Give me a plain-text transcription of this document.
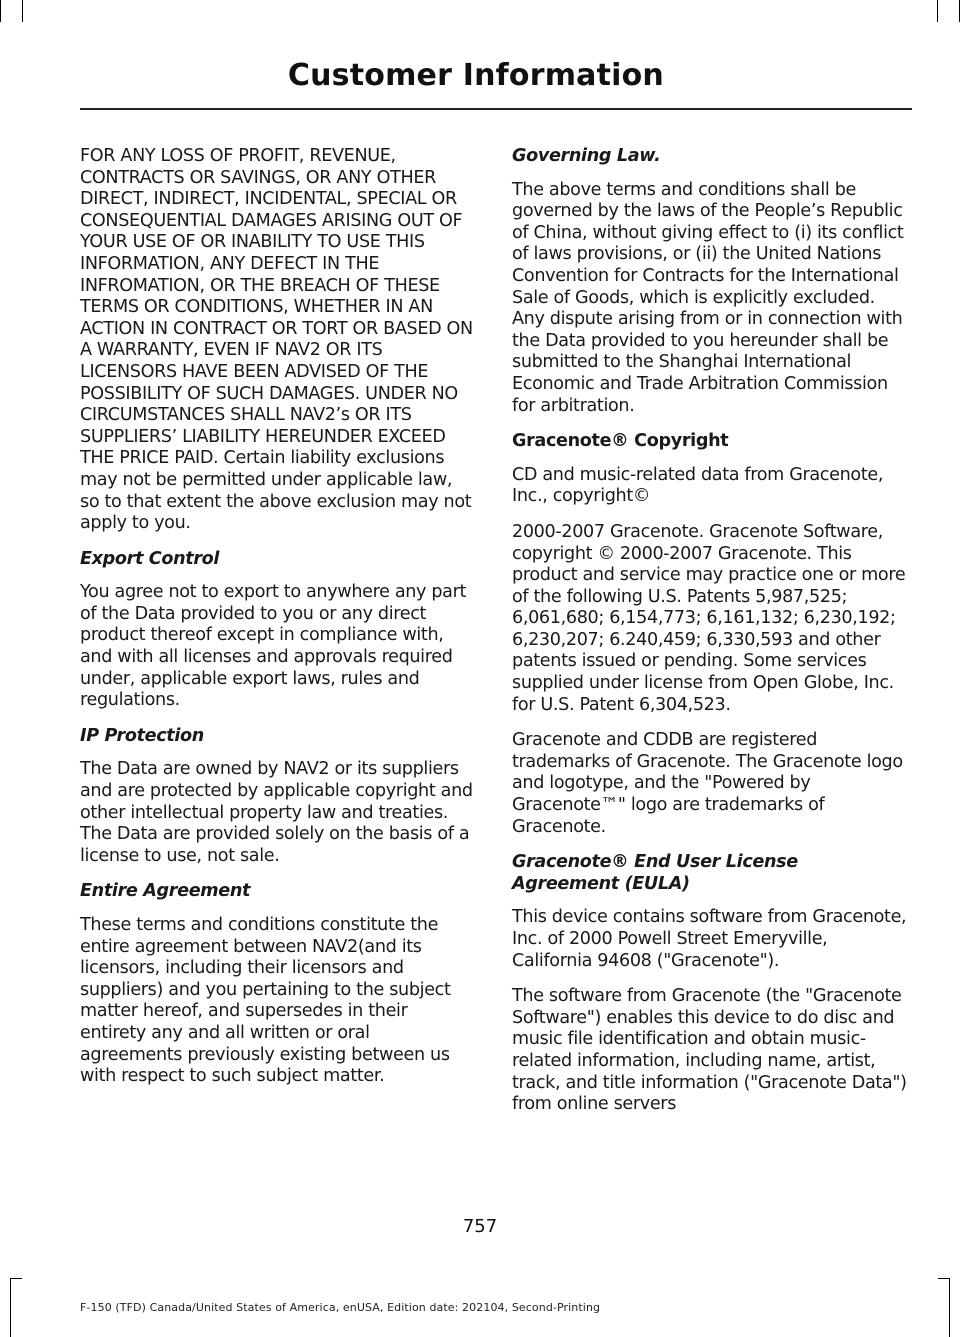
Customer Information

FOR ANY LOSS OF PROFIT, REVENUE, CONTRACTS OR SAVINGS, OR ANY OTHER DIRECT, INDIRECT, INCIDENTAL, SPECIAL OR CONSEQUENTIAL DAMAGES ARISING OUT OF YOUR USE OF OR INABILITY TO USE THIS INFORMATION, ANY DEFECT IN THE INFROMATION, OR THE BREACH OF THESE TERMS OR CONDITIONS, WHETHER IN AN ACTION IN CONTRACT OR TORT OR BASED ON A WARRANTY, EVEN IF NAV2 OR ITS LICENSORS HAVE BEEN ADVISED OF THE POSSIBILITY OF SUCH DAMAGES. UNDER NO CIRCUMSTANCES SHALL NAV2’s OR ITS SUPPLIERS’ LIABILITY HEREUNDER EXCEED THE PRICE PAID. Certain liability exclusions may not be permitted under applicable law, so to that extent the above exclusion may not apply to you.

Export Control

You agree not to export to anywhere any part of the Data provided to you or any direct product thereof except in compliance with, and with all licenses and approvals required under, applicable export laws, rules and regulations.

IP Protection

The Data are owned by NAV2 or its suppliers and are protected by applicable copyright and other intellectual property law and treaties. The Data are provided solely on the basis of a license to use, not sale.

Entire Agreement

These terms and conditions constitute the entire agreement between NAV2(and its licensors, including their licensors and suppliers) and you pertaining to the subject matter hereof, and supersedes in their entirety any and all written or oral agreements previously existing between us with respect to such subject matter.

Governing Law.

The above terms and conditions shall be governed by the laws of the People’s Republic of China, without giving effect to (i) its conflict of laws provisions, or (ii) the United Nations Convention for Contracts for the International Sale of Goods, which is explicitly excluded. Any dispute arising from or in connection with the Data provided to you hereunder shall be submitted to the Shanghai International Economic and Trade Arbitration Commission for arbitration.

Gracenote® Copyright

CD and music-related data from Gracenote, Inc., copyright©

2000-2007 Gracenote. Gracenote Software, copyright © 2000-2007 Gracenote. This product and service may practice one or more of the following U.S. Patents 5,987,525; 6,061,680; 6,154,773; 6,161,132; 6,230,192; 6,230,207; 6.240,459; 6,330,593 and other patents issued or pending. Some services supplied under license from Open Globe, Inc. for U.S. Patent 6,304,523.

Gracenote and CDDB are registered trademarks of Gracenote. The Gracenote logo and logotype, and the "Powered by Gracenote™" logo are trademarks of Gracenote.

Gracenote® End User License Agreement (EULA)

This device contains software from Gracenote, Inc. of 2000 Powell Street Emeryville, California 94608 ("Gracenote").

The software from Gracenote (the "Gracenote Software") enables this device to do disc and music file identification and obtain music-related information, including name, artist, track, and title information ("Gracenote Data") from online servers

757
F-150 (TFD) Canada/United States of America, enUSA, Edition date: 202104, Second-Printing
